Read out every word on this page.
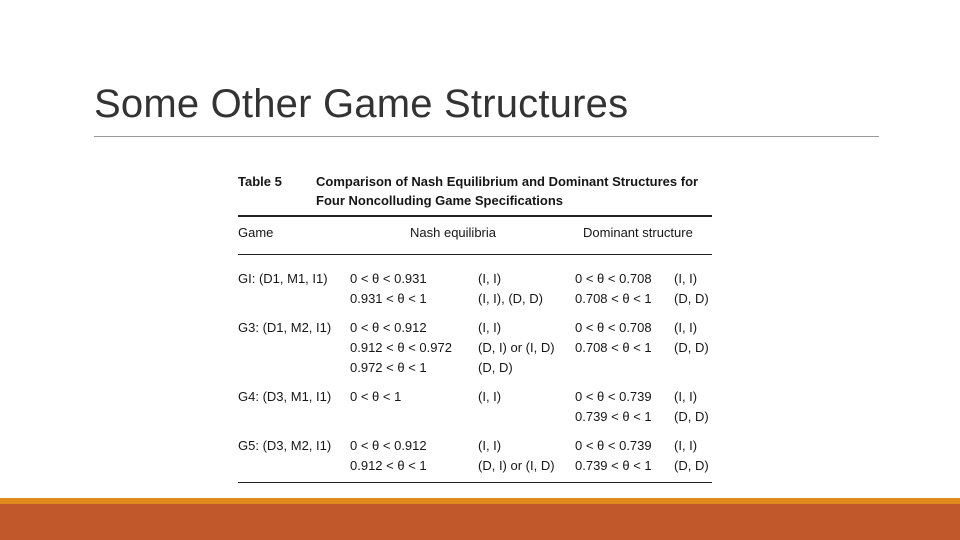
Some Other Game Structures
Table 5	Comparison of Nash Equilibrium and Dominant Structures for
Four Noncolluding Game Specifications
Game	Nash equilibria		Dominant structure	

GI: (D1, M1, I1)	0 < θ < 0.931	(I, I)	0 < θ < 0.708	(I, I)
	0.931 < θ < 1	(I, I), (D, D)	0.708 < θ < 1	(D, D)
G3: (D1, M2, I1)	0 < θ < 0.912	(I, I)	0 < θ < 0.708	(I, I)
	0.912 < θ < 0.972	(D, I) or (I, D)	0.708 < θ < 1	(D, D)
	0.972 < θ < 1	(D, D)		
G4: (D3, M1, I1)	0 < θ < 1	(I, I)	0 < θ < 0.739	(I, I)
			0.739 < θ < 1	(D, D)
G5: (D3, M2, I1)	0 < θ < 0.912	(I, I)	0 < θ < 0.739	(I, I)
	0.912 < θ < 1	(D, I) or (I, D)	0.739 < θ < 1	(D, D)
